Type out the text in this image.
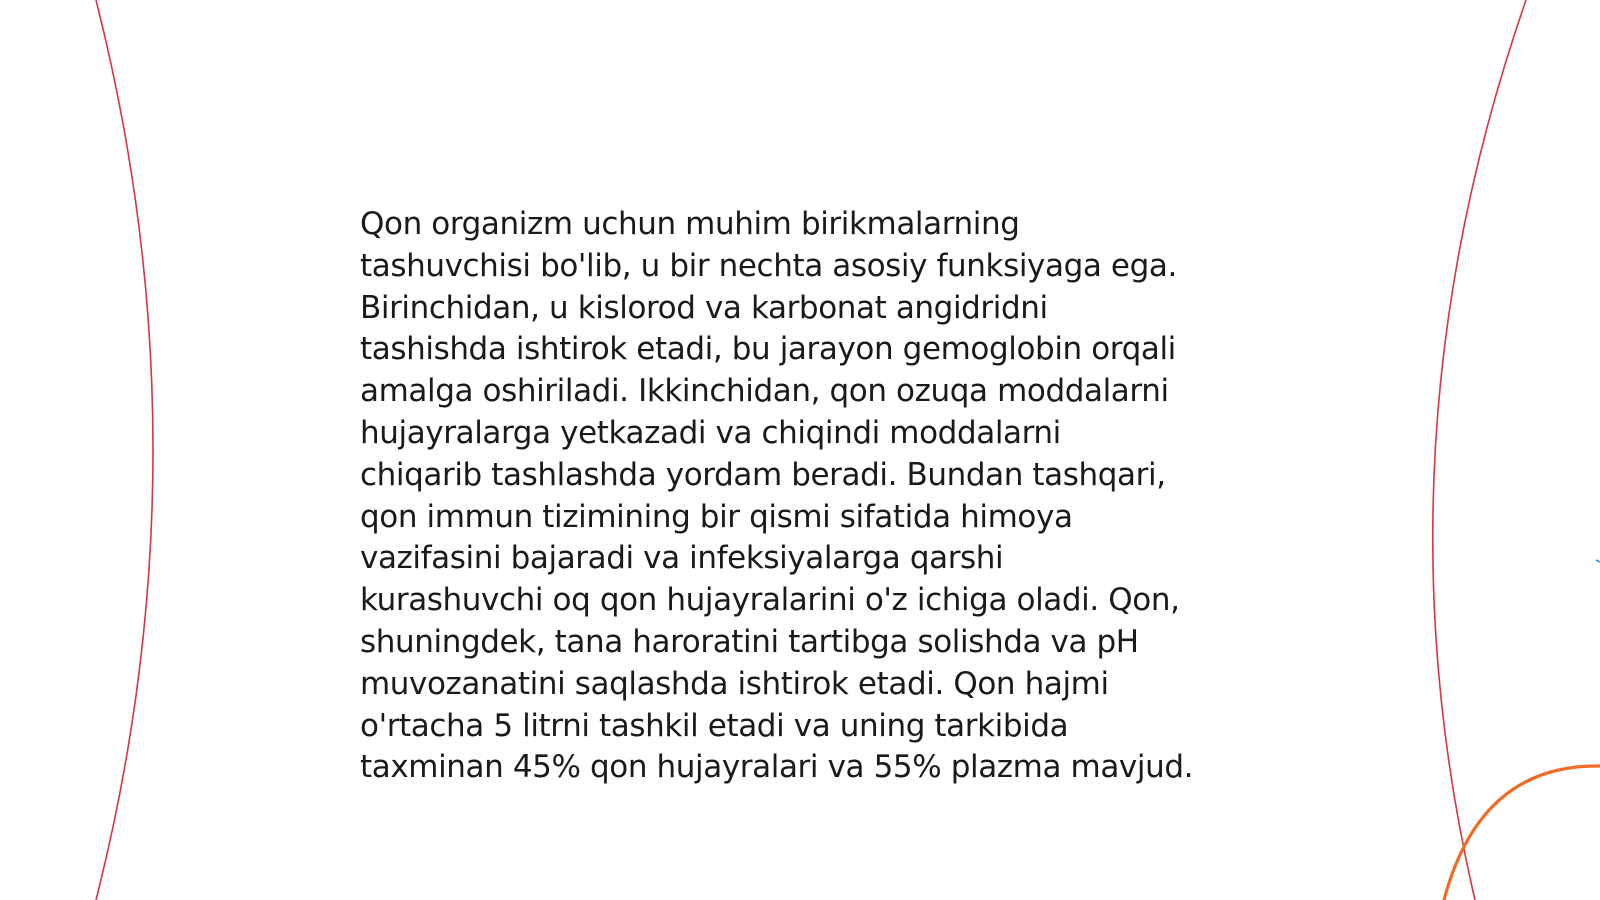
Qon organizm uchun muhim birikmalarning
tashuvchisi bo'lib, u bir nechta asosiy funksiyaga ega.
Birinchidan, u kislorod va karbonat angidridni
tashishda ishtirok etadi, bu jarayon gemoglobin orqali
amalga oshiriladi. Ikkinchidan, qon ozuqa moddalarni
hujayralarga yetkazadi va chiqindi moddalarni
chiqarib tashlashda yordam beradi. Bundan tashqari,
qon immun tizimining bir qismi sifatida himoya
vazifasini bajaradi va infeksiyalarga qarshi
kurashuvchi oq qon hujayralarini o'z ichiga oladi. Qon,
shuningdek, tana haroratini tartibga solishda va pH
muvozanatini saqlashda ishtirok etadi. Qon hajmi
o'rtacha 5 litrni tashkil etadi va uning tarkibida
taxminan 45% qon hujayralari va 55% plazma mavjud.
